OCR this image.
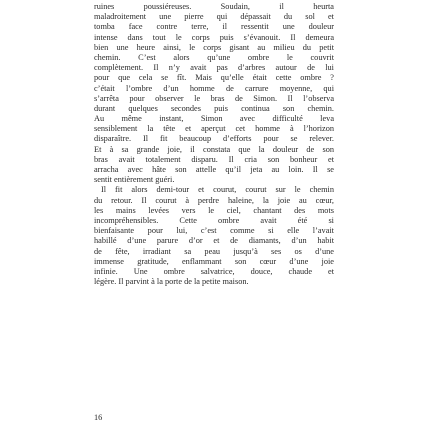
ruines poussiéreuses. Soudain, il heurta
maladroitement une pierre qui dépassait du sol et
tomba face contre terre, il ressentit une douleur
intense dans tout le corps puis s’évanouit. Il demeura
bien une heure ainsi, le corps gisant au milieu du petit
chemin. C’est alors qu’une ombre le couvrit
complètement. Il n’y avait pas d’arbres autour de lui
pour que cela se fît. Mais qu’elle était cette ombre ?
c’était l’ombre d’un homme de carrure moyenne, qui
s’arrêta pour observer le bras de Simon. Il l’observa
durant quelques secondes puis continua son chemin.
Au même instant, Simon avec difficulté leva
sensiblement la tête et aperçut cet homme à l’horizon
disparaître. Il fit beaucoup d’efforts pour se relever.
Et à sa grande joie, il constata que la douleur de son
bras avait totalement disparu. Il cria son bonheur et
arracha avec hâte son attelle qu’il jeta au loin. Il se
sentit entièrement guéri.
Il fit alors demi-tour et courut, courut sur le chemin
du retour. Il courut à perdre haleine, la joie au cœur,
les mains levées vers le ciel, chantant des mots
incompréhensibles. Cette ombre avait été si
bienfaisante pour lui, c’est comme si elle l’avait
habillé d’une parure d’or et de diamants, d’un habit
de fête, irradiant sa peau jusqu’à ses os d’une
immense gratitude, enflammant son cœur d’une joie
infinie. Une ombre salvatrice, douce, chaude et
légère. Il parvint à la porte de la petite maison.
16
